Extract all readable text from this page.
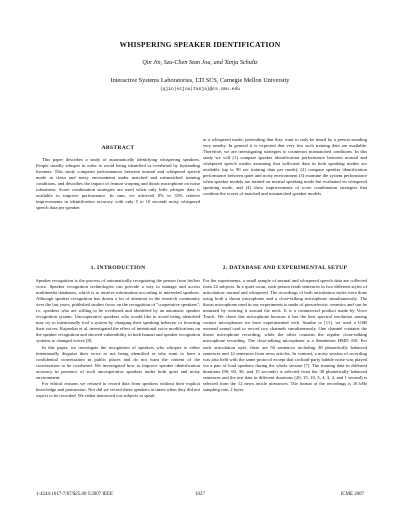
WHISPERING SPEAKER IDENTIFICATION
Qin Jin, Szu-Chen Stan Jou, and Tanja Schultz
Interactive Systems Laboratories, LTI SCS, Carnegie Mellon University
{qjin|scjou|tanja}@cs.cmu.edu
ABSTRACT

This paper describes a study of automatically identifying whispering speakers. People usually whisper in order to avoid being identified or overheard by bystanding listeners. This study compares performances between normal and whispered speech mode in clean and noisy environment under matched and mismatched training conditions, and describes the impact of feature warping and throat microphone on noise robustness. Score combination strategies are used when only little whisper data is available to improve performance. In sum, we achieved 8% to 33% relative improvements in identification accuracy with only 5 to 10 seconds noisy whispered speech data per speaker.

1. INTRODUCTION

Speaker recognition is the process of automatically recognizing the person from his/her voice. Speaker recognition technologies can provide a way to manage and access multimedia databases, which is to retrieve information according to interested speakers. Although speaker recognition has drawn a lot of attention in the research community over the last years, published studies focus on the recognition of "cooperative speakers", i.e. speakers who are willing to be overheard and identified by an automatic speaker recognition system. Uncooperative speakers who would like to avoid being identified may try to intentionally fool a system by changing their speaking behavior or lowering their voices. Kajarekar et al. investigated the effect of intentional voice modifications on the speaker recognition and showed vulnerability in both human and speaker recognition systems to changed voices [8].

In this paper, we investigate the recognition of speakers who whisper to either intentionally disguise their voice to not being identified or who want to have a confidential conversation in public places and do not want the content of the conversation to be overheard. We investigated how to improve speaker identification accuracy in presence of such uncooperative speakers under both quiet and noisy environment.

For ethical reasons we refused to record data from speakers without their explicit knowledge and permission. Nor did we record these speakers at times when they did not expect to be recorded. We rather instructed our subjects to speak

in a whispered mode, pretending that they want to only be heard by a person standing very nearby. In general it is expected that very few such training data are available. Therefore, we are investigating strategies to counteract mismatched conditions. In this study we will (1) compare speaker identification performance between normal and whispered speech modes assuming that sufficient data in both speaking modes are available (up to 90 sec training data per mode), (2) compare speaker identification performance between quiet and noisy environment (3) examine the system performance when speaker models are trained on normal speaking mode but evaluated on whispered speaking mode, and (4) show improvements of score combination strategies that combine the scores of matched and mismatched speaker models.

2. DATABASE AND EXPERIMENTAL SETUP

For the experiments, a small sample of normal and whispered speech data are collected from 22 subjects. In a quiet room, each person reads sentences in two different styles of articulation: normal and whispered. The recordings of both articulation styles were done using both a throat microphone and a close-talking microphone simultaneously. The throat microphone used in our experiments is made of piezoelectric ceramics and can be mounted by wearing it around the neck. It is a commercial product made by Voice Touch. We chose this microphone because it has the best spectral resolution among contact microphones we have experimented with. Similar to [11], we used a USB external sound card to record two channels simultaneously. One channel contains the throat microphone recording, while the other contains the regular close-talking microphone recording. The close-talking microphone is a Sennheiser HMD 410. For each articulation style, there are 50 sentences including 38 phonetically balanced sentences and 12 sentences from news articles. In contrast, a noisy session of recording was also held with the same protocol except that cocktail-party babble noise was played via a pair of loud speakers during the whole session [7]. The training data in different durations (90, 60, 30, and 15 seconds) is selected from the 38 phonetically balanced sentences and the test data in different durations (20, 15, 10, 5, 4, 3, 2, and 1 second) is selected from the 12 news article utterances. The format of the recordings is 16 kHz sampling rate, 2 bytes

1-4244-1017-7/07/$25.00 ©2007 IEEE	1027	ICME 2007
